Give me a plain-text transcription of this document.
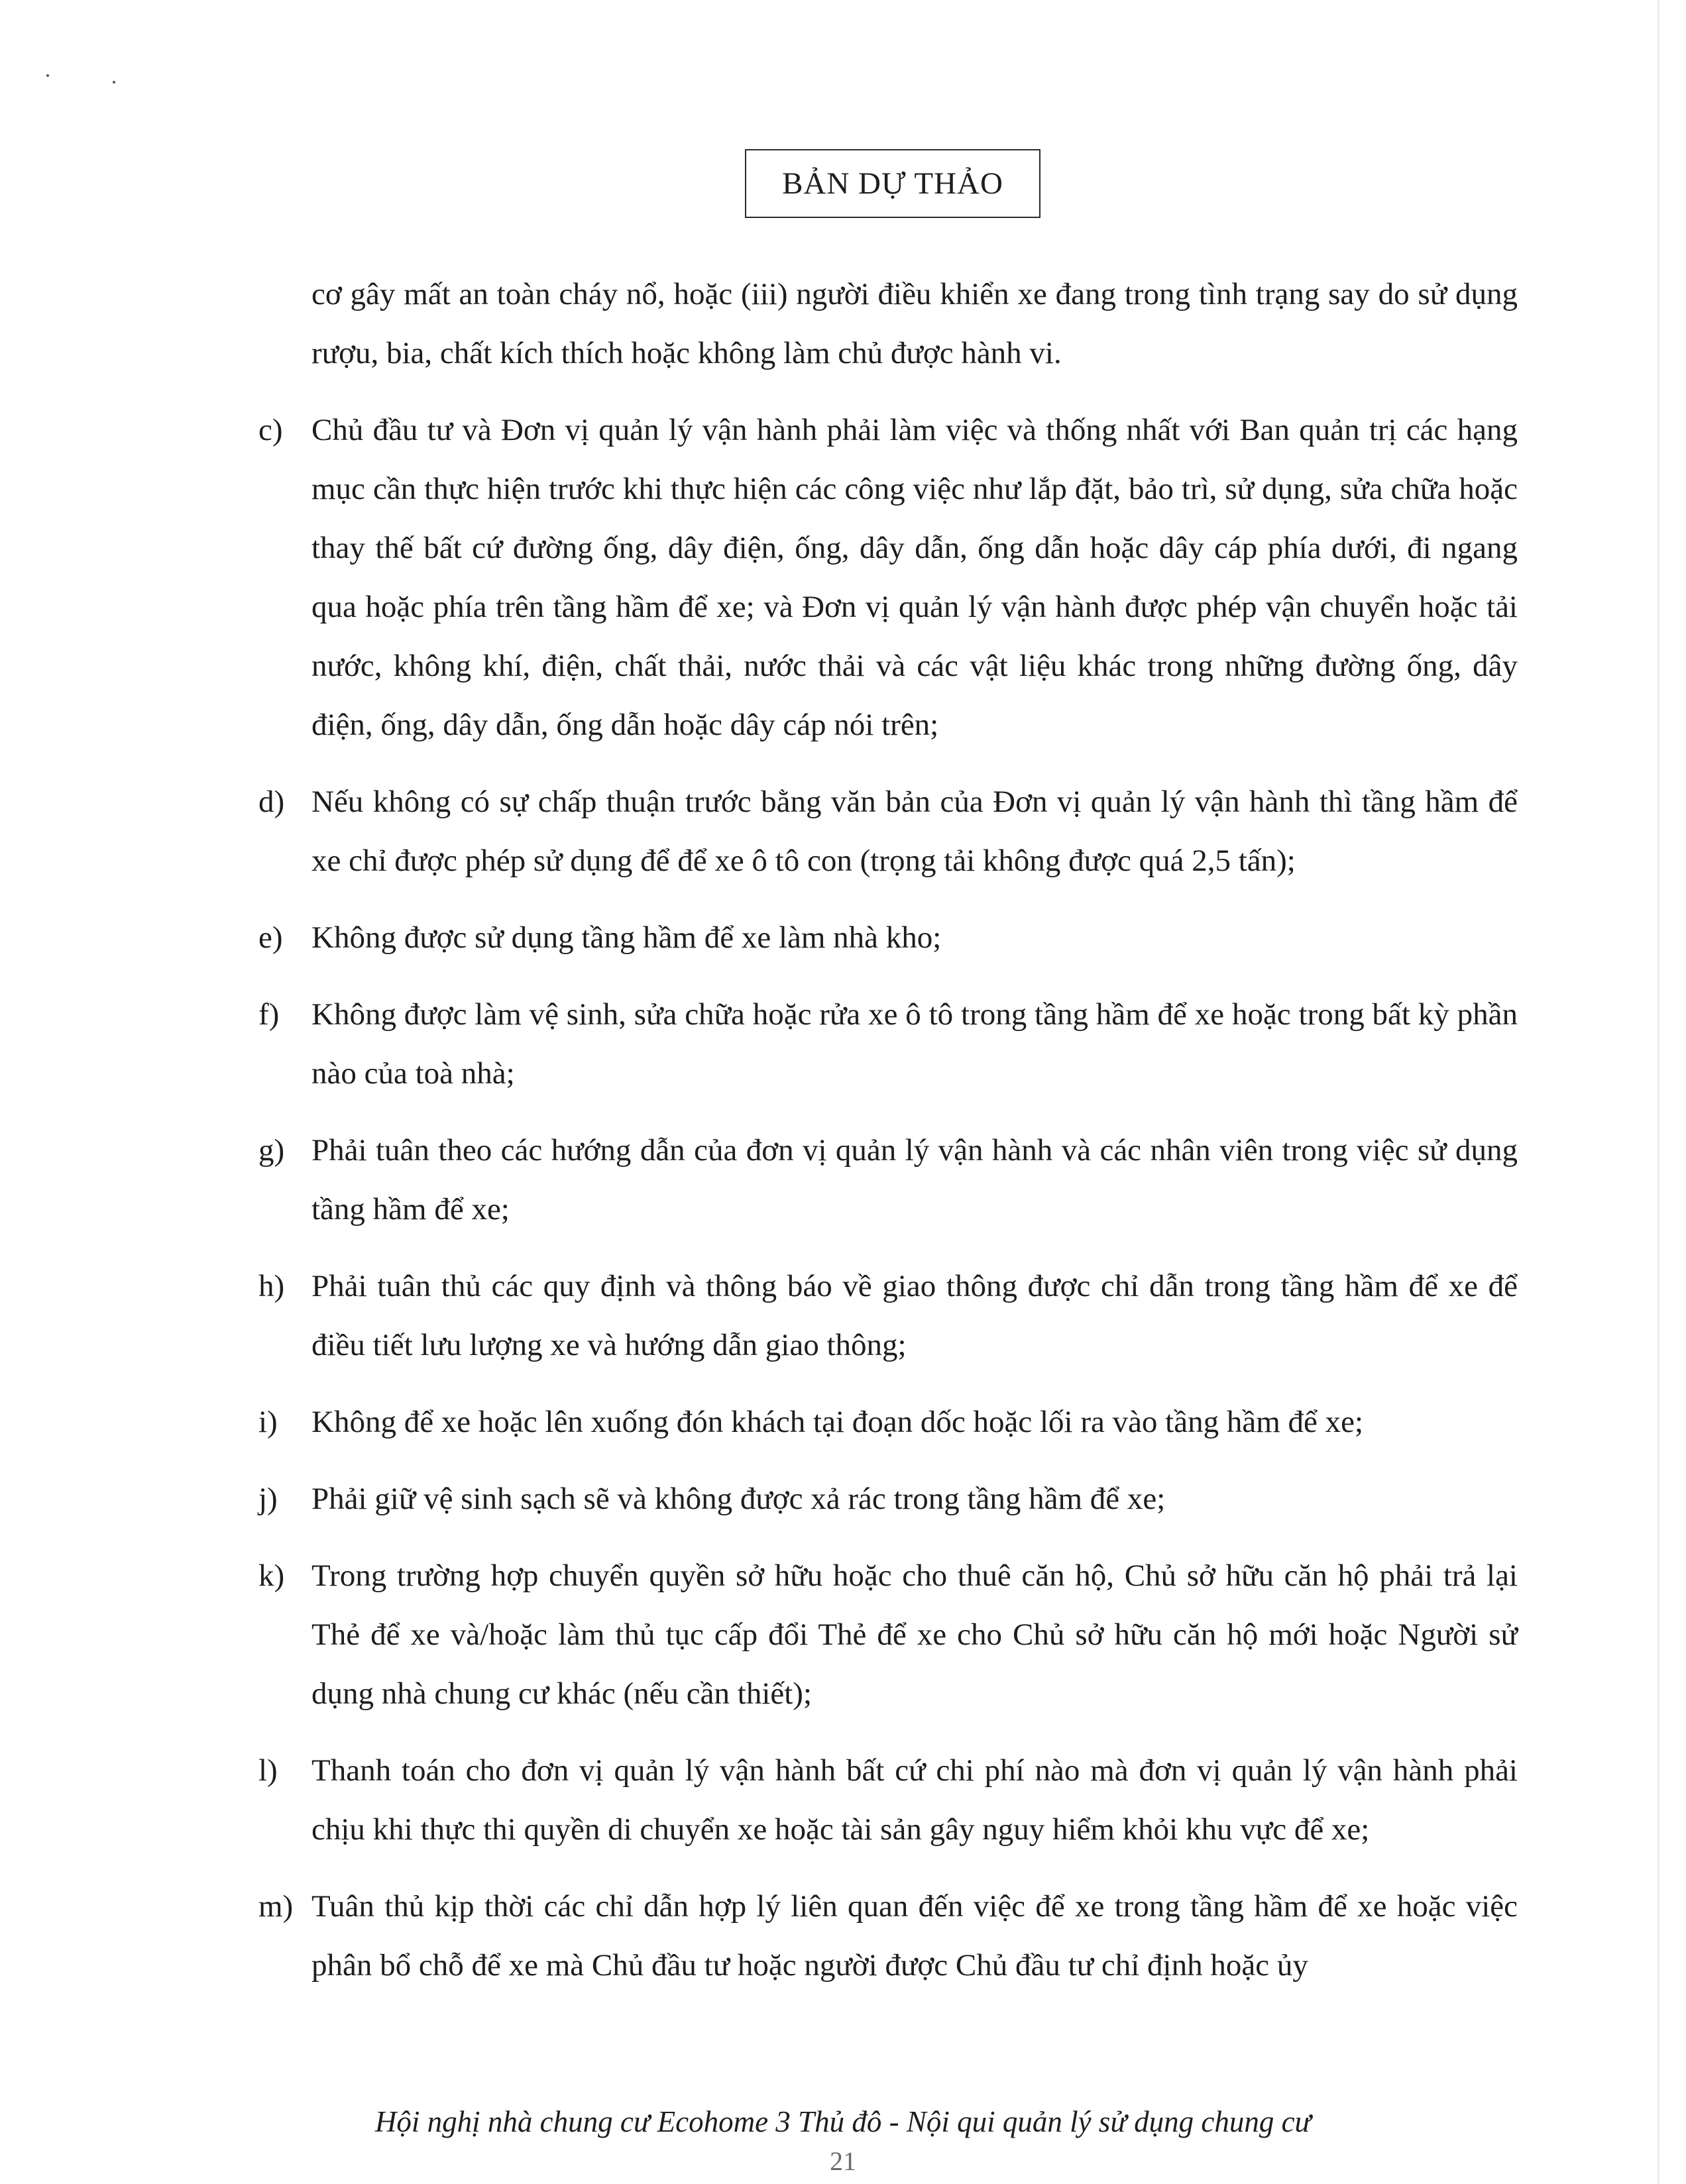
BẢN DỰ THẢO

cơ gây mất an toàn cháy nổ, hoặc (iii) người điều khiển xe đang trong tình trạng say do sử dụng rượu, bia, chất kích thích hoặc không làm chủ được hành vi.

c) Chủ đầu tư và Đơn vị quản lý vận hành phải làm việc và thống nhất với Ban quản trị các hạng mục cần thực hiện trước khi thực hiện các công việc như lắp đặt, bảo trì, sử dụng, sửa chữa hoặc thay thế bất cứ đường ống, dây điện, ống, dây dẫn, ống dẫn hoặc dây cáp phía dưới, đi ngang qua hoặc phía trên tầng hầm để xe; và Đơn vị quản lý vận hành được phép vận chuyển hoặc tải nước, không khí, điện, chất thải, nước thải và các vật liệu khác trong những đường ống, dây điện, ống, dây dẫn, ống dẫn hoặc dây cáp nói trên;
d) Nếu không có sự chấp thuận trước bằng văn bản của Đơn vị quản lý vận hành thì tầng hầm để xe chỉ được phép sử dụng để để xe ô tô con (trọng tải không được quá 2,5 tấn);
e) Không được sử dụng tầng hầm để xe làm nhà kho;
f)	Không được làm vệ sinh, sửa chữa hoặc rửa xe ô tô trong tầng hầm để xe hoặc trong bất kỳ phần nào của toà nhà;
g) Phải tuân theo các hướng dẫn của đơn vị quản lý vận hành và các nhân viên trong việc sử dụng tầng hầm để xe;
h) Phải tuân thủ các quy định và thông báo về giao thông được chỉ dẫn trong tầng hầm để xe để điều tiết lưu lượng xe và hướng dẫn giao thông;
i)	Không để xe hoặc lên xuống đón khách tại đoạn dốc hoặc lối ra vào tầng hầm để xe;
j)	Phải giữ vệ sinh sạch sẽ và không được xả rác trong tầng hầm để xe;
k) Trong trường hợp chuyển quyền sở hữu hoặc cho thuê căn hộ, Chủ sở hữu căn hộ phải trả lại Thẻ để xe và/hoặc làm thủ tục cấp đổi Thẻ để xe cho Chủ sở hữu căn hộ mới hoặc Người sử dụng nhà chung cư khác (nếu cần thiết);
l)	Thanh toán cho đơn vị quản lý vận hành bất cứ chi phí nào mà đơn vị quản lý vận hành phải chịu khi thực thi quyền di chuyển xe hoặc tài sản gây nguy hiểm khỏi khu vực để xe;
m) Tuân thủ kịp thời các chỉ dẫn hợp lý liên quan đến việc để xe trong tầng hầm để xe hoặc việc phân bổ chỗ để xe mà Chủ đầu tư hoặc người được Chủ đầu tư chỉ định hoặc ủy
Hội nghị nhà chung cư Ecohome 3 Thủ đô - Nội qui quản lý sử dụng chung cư
21
